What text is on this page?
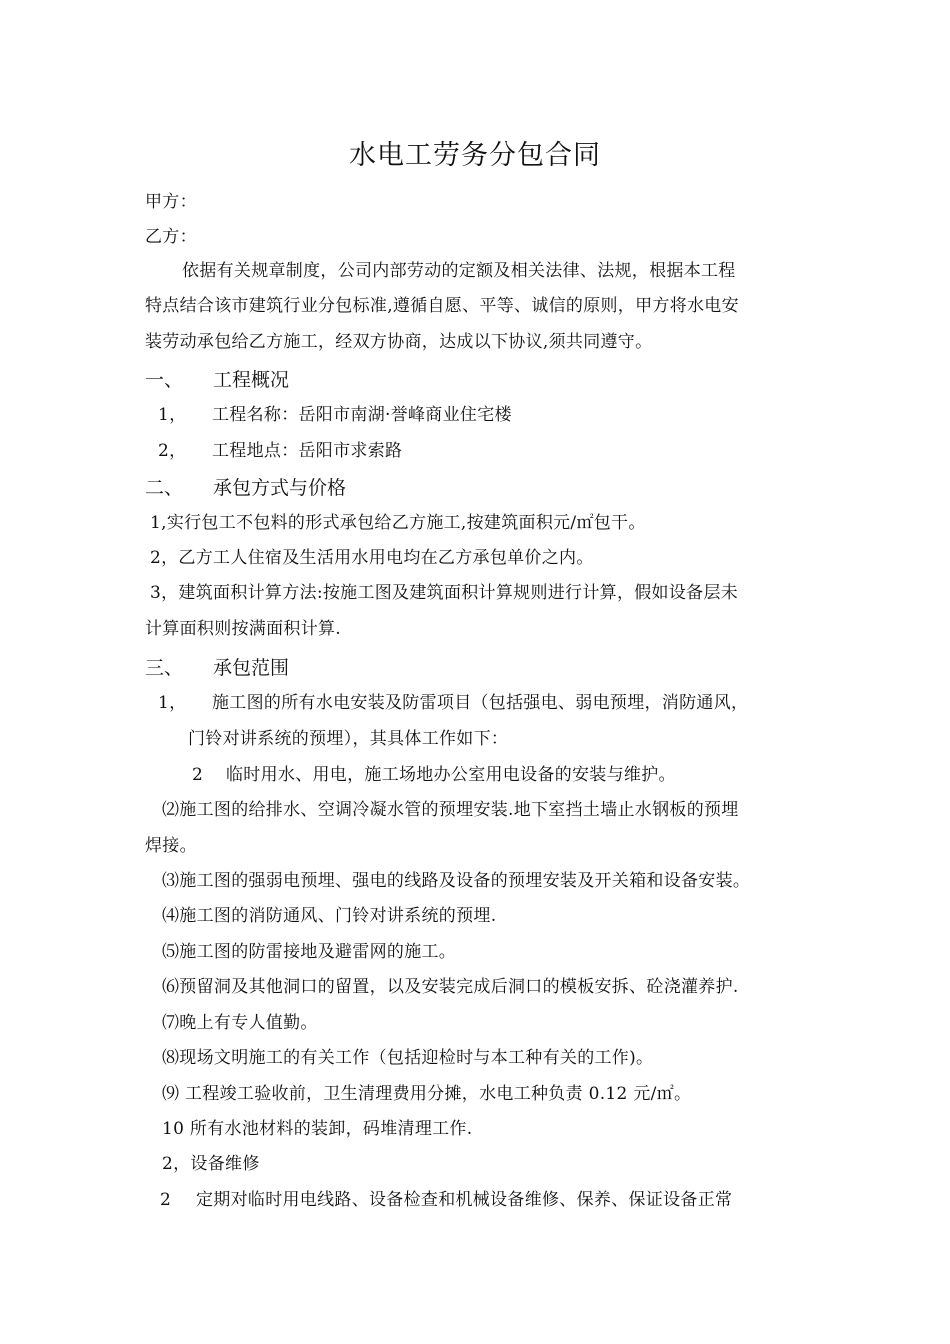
水电工劳务分包合同
甲方：
乙方：
依据有关规章制度，公司内部劳动的定额及相关法律、法规，根据本工程
特点结合该市建筑行业分包标准,遵循自愿、平等、诚信的原则，甲方将水电安
装劳动承包给乙方施工，经双方协商，达成以下协议,须共同遵守。
一、 工程概况
1， 工程名称：岳阳市南湖·誉峰商业住宅楼
2， 工程地点：岳阳市求索路
二、 承包方式与价格
1,实行包工不包料的形式承包给乙方施工,按建筑面积元/㎡包干。
2，乙方工人住宿及生活用水用电均在乙方承包单价之内。
3，建筑面积计算方法:按施工图及建筑面积计算规则进行计算，假如设备层未
计算面积则按满面积计算.
三、 承包范围
1， 施工图的所有水电安装及防雷项目（包括强电、弱电预埋，消防通风，
门铃对讲系统的预埋），其具体工作如下：
2 临时用水、用电，施工场地办公室用电设备的安装与维护。
⑵施工图的给排水、空调冷凝水管的预埋安装.地下室挡土墙止水钢板的预埋
焊接。
⑶施工图的强弱电预埋、强电的线路及设备的预埋安装及开关箱和设备安装。
⑷施工图的消防通风、门铃对讲系统的预埋.
⑸施工图的防雷接地及避雷网的施工。
⑹预留洞及其他洞口的留置，以及安装完成后洞口的模板安拆、砼浇灌养护.
⑺晚上有专人值勤。
⑻现场文明施工的有关工作（包括迎检时与本工种有关的工作)。
⑼ 工程竣工验收前，卫生清理费用分摊，水电工种负责 0.12 元/㎡。
10 所有水池材料的装卸，码堆清理工作.
2，设备维修
2 定期对临时用电线路、设备检查和机械设备维修、保养、保证设备正常
